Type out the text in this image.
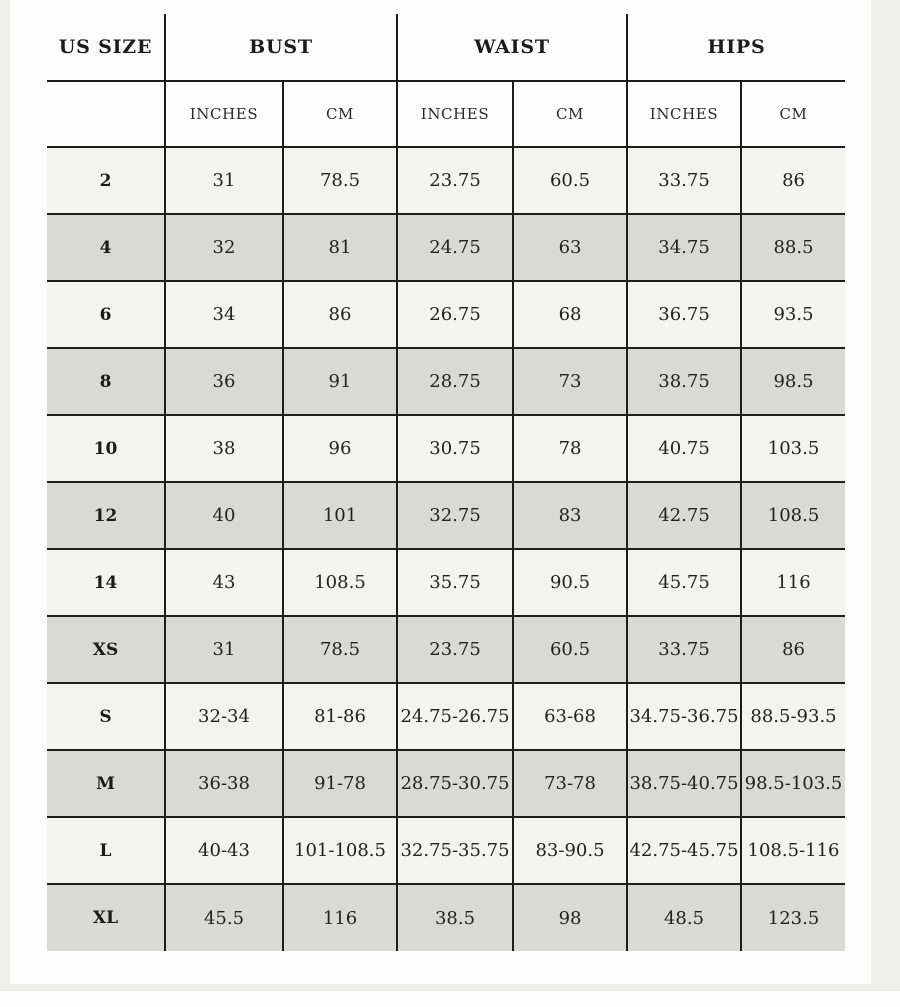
US SIZE	BUST		WAIST		HIPS	
	INCHES	CM	INCHES	CM	INCHES	CM
2	31	78.5	23.75	60.5	33.75	86
4	32	81	24.75	63	34.75	88.5
6	34	86	26.75	68	36.75	93.5
8	36	91	28.75	73	38.75	98.5
10	38	96	30.75	78	40.75	103.5
12	40	101	32.75	83	42.75	108.5
14	43	108.5	35.75	90.5	45.75	116
XS	31	78.5	23.75	60.5	33.75	86
S	32-34	81-86	24.75-26.75	63-68	34.75-36.75	88.5-93.5
M	36-38	91-78	28.75-30.75	73-78	38.75-40.75	98.5-103.5
L	40-43	101-108.5	32.75-35.75	83-90.5	42.75-45.75	108.5-116
XL	45.5	116	38.5	98	48.5	123.5
